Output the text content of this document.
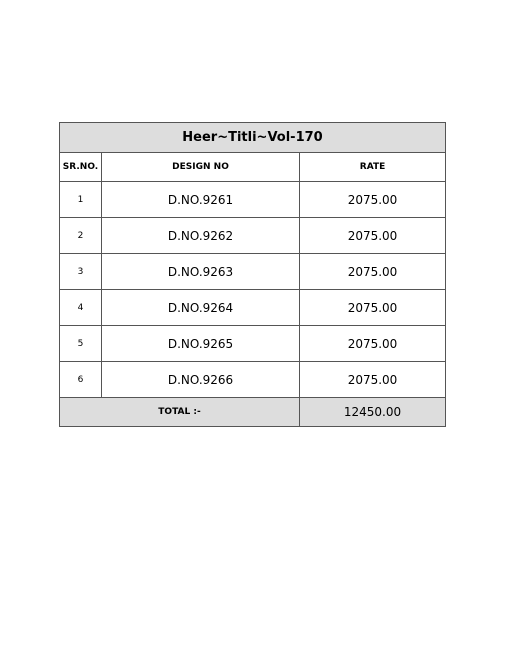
Heer~Titli~Vol-170		
SR.NO.	DESIGN NO	RATE
1	D.NO.9261	2075.00
2	D.NO.9262	2075.00
3	D.NO.9263	2075.00
4	D.NO.9264	2075.00
5	D.NO.9265	2075.00
6	D.NO.9266	2075.00
TOTAL :-		12450.00
